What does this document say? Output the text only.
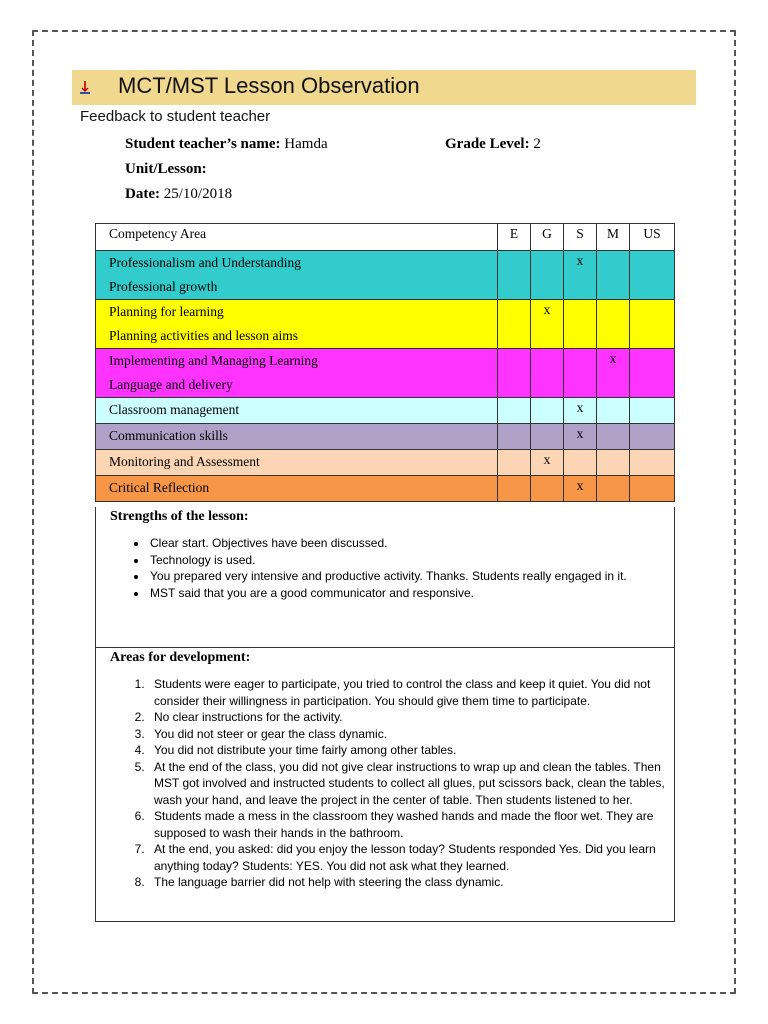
MCT/MST Lesson Observation
Feedback to student teacher
Student teacher’s name: Hamda	Grade Level: 2
Unit/Lesson:
Date: 25/10/2018
Competency Area	E	G	S	M	US

Professionalism and Understanding
Professional growth			x		

Planning for learning
Planning activities and lesson aims		x			

Implementing and Managing Learning
Language and delivery				x	

Classroom management			x		

Communication skills			x		

Monitoring and Assessment		x			

Critical Reflection			x		

Strengths of the lesson:
• Clear start. Objectives have been discussed.
• Technology is used.
• You prepared very intensive and productive activity. Thanks. Students really engaged in it.
• MST said that you are a good communicator and responsive.
Areas for development:
1. Students were eager to participate, you tried to control the class and keep it quiet. You did not consider their willingness in participation. You should give them time to participate.
2. No clear instructions for the activity.
3. You did not steer or gear the class dynamic.
4. You did not distribute your time fairly among other tables.
5. At the end of the class, you did not give clear instructions to wrap up and clean the tables. Then MST got involved and instructed students to collect all glues, put scissors back, clean the tables, wash your hand, and leave the project in the center of table. Then students listened to her.
6. Students made a mess in the classroom they washed hands and made the floor wet. They are supposed to wash their hands in the bathroom.
7. At the end, you asked: did you enjoy the lesson today? Students responded Yes. Did you learn anything today? Students: YES. You did not ask what they learned.
8. The language barrier did not help with steering the class dynamic.
